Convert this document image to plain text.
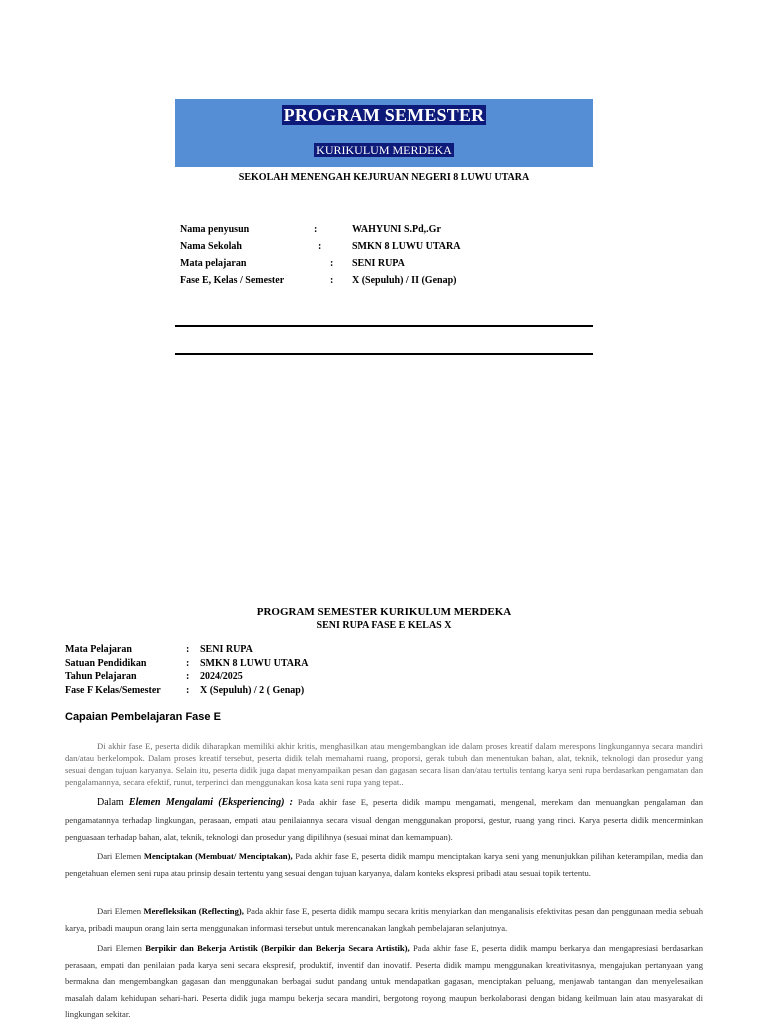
PROGRAM SEMESTER
KURIKULUM MERDEKA
SEKOLAH MENENGAH KEJURUAN NEGERI 8 LUWU UTARA
Nama penyusun	:	WAHYUNI S.Pd,.Gr
Nama Sekolah	:	SMKN 8 LUWU UTARA
Mata pelajaran	: SENI RUPA
Fase E, Kelas / Semester	: X (Sepuluh) / II (Genap)
PROGRAM SEMESTER KURIKULUM MERDEKA
SENI RUPA FASE E KELAS X
Mata Pelajaran	: SENI RUPA
Satuan Pendidikan	: SMKN 8 LUWU UTARA
Tahun Pelajaran	: 2024/2025
Fase F Kelas/Semester	: X (Sepuluh) / 2 ( Genap)
Capaian Pembelajaran Fase E
Di akhir fase E, peserta didik diharapkan memiliki akhir kritis, menghasilkan atau mengembangkan ide dalam proses kreatif dalam merespons lingkungannya secara mandiri dan/atau berkelompok. Dalam proses kreatif tersebut, peserta didik telah memahami ruang, proporsi, gerak tubuh dan menentukan bahan, alat, teknik, teknologi dan prosedur yang sesuai dengan tujuan karyanya. Selain itu, peserta didik juga dapat menyampaikan pesan dan gagasan secara lisan dan/atau tertulis tentang karya seni rupa berdasarkan pengamatan dan pengalamannya, secara efektif, runut, terperinci dan menggunakan kosa kata seni rupa yang tepat..
Dalam Elemen Mengalami (Eksperiencing) : Pada akhir fase E, peserta didik mampu mengamati, mengenal, merekam dan menuangkan pengalaman dan pengamatannya terhadap lingkungan, perasaan, empati atau penilaiannya secara visual dengan menggunakan proporsi, gestur, ruang yang rinci. Karya peserta didik mencerminkan penguasaan terhadap bahan, alat, teknik, teknologi dan prosedur yang dipilihnya (sesuai minat dan kemampuan).
Dari Elemen Menciptakan (Membuat/ Menciptakan), Pada akhir fase E, peserta didik mampu menciptakan karya seni yang menunjukkan pilihan keterampilan, media dan pengetahuan elemen seni rupa atau prinsip desain tertentu yang sesuai dengan tujuan karyanya, dalam konteks ekspresi pribadi atau sesuai topik tertentu.
Dari Elemen Merefleksikan (Reflecting), Pada akhir fase E, peserta didik mampu secara kritis menyiarkan dan menganalisis efektivitas pesan dan penggunaan media sebuah karya, pribadi maupun orang lain serta menggunakan informasi tersebut untuk merencanakan langkah pembelajaran selanjutnya.
Dari Elemen Berpikir dan Bekerja Artistik (Berpikir dan Bekerja Secara Artistik), Pada akhir fase E, peserta didik mampu berkarya dan mengapresiasi berdasarkan perasaan, empati dan penilaian pada karya seni secara ekspresif, produktif, inventif dan inovatif. Peserta didik mampu menggunakan kreativitasnya, mengajukan pertanyaan yang bermakna dan mengembangkan gagasan dan menggunakan berbagai sudut pandang untuk mendapatkan gagasan, menciptakan peluang, menjawab tantangan dan menyelesaikan masalah dalam kehidupan sehari-hari. Peserta didik juga mampu bekerja secara mandiri, bergotong royong maupun berkolaborasi dengan bidang keilmuan lain atau masyarakat di lingkungan sekitar.
